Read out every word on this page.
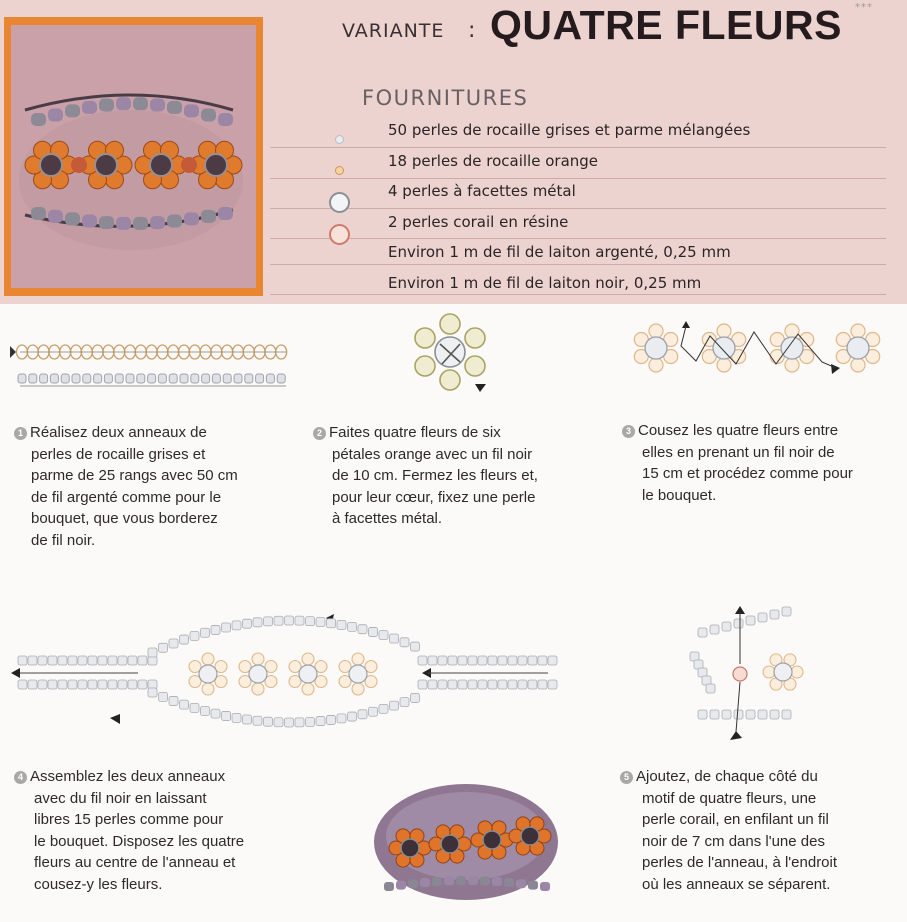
VARIANTE : QUATRE FLEURS ***
FOURNITURES
50 perles de rocaille grises et parme mélangées
18 perles de rocaille orange
4 perles à facettes métal
2 perles corail en résine
Environ 1 m de fil de laiton argenté, 0,25 mm
Environ 1 m de fil de laiton noir, 0,25 mm
1 Réalisez deux anneaux de
perles de rocaille grises et
parme de 25 rangs avec 50 cm
de fil argenté comme pour le
bouquet, que vous borderez
de fil noir.
2 Faites quatre fleurs de six
pétales orange avec un fil noir
de 10 cm. Fermez les fleurs et,
pour leur cœur, fixez une perle
à facettes métal.
3 Cousez les quatre fleurs entre
elles en prenant un fil noir de
15 cm et procédez comme pour
le bouquet.
4 Assemblez les deux anneaux
avec du fil noir en laissant
libres 15 perles comme pour
le bouquet. Disposez les quatre
fleurs au centre de l'anneau et
cousez-y les fleurs.
5 Ajoutez, de chaque côté du
motif de quatre fleurs, une
perle corail, en enfilant un fil
noir de 7 cm dans l'une des
perles de l'anneau, à l'endroit
où les anneaux se séparent.
